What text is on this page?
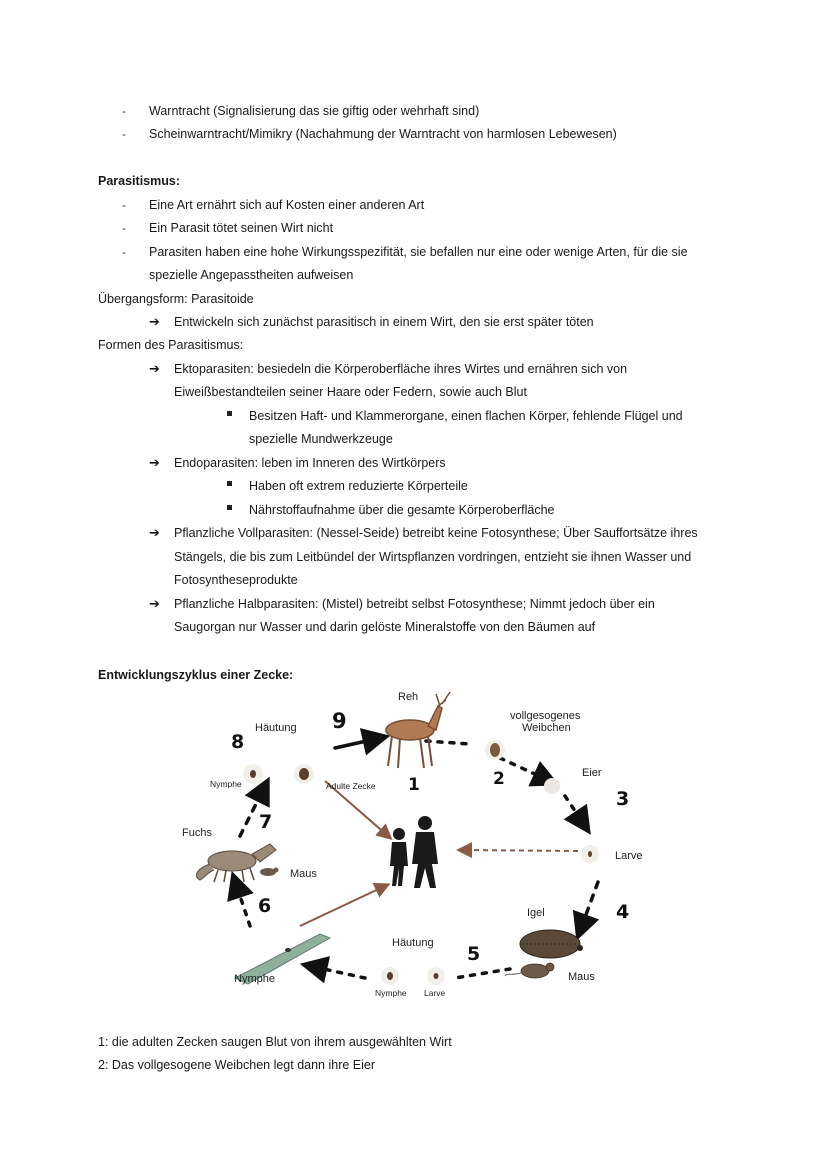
- Warntracht (Signalisierung das sie giftig oder wehrhaft sind)
- Scheinwarntracht/Mimikry (Nachahmung der Warntracht von harmlosen Lebewesen)
Parasitismus:
- Eine Art ernährt sich auf Kosten einer anderen Art
- Ein Parasit tötet seinen Wirt nicht
- Parasiten haben eine hohe Wirkungsspezifität, sie befallen nur eine oder wenige Arten, für die sie
spezielle Angepasstheiten aufweisen
Übergangsform: Parasitoide
➔ Entwickeln sich zunächst parasitisch in einem Wirt, den sie erst später töten
Formen des Parasitismus:
➔ Ektoparasiten: besiedeln die Körperoberfläche ihres Wirtes und ernähren sich von
Eiweißbestandteilen seiner Haare oder Federn, sowie auch Blut
Besitzen Haft- und Klammerorgane, einen flachen Körper, fehlende Flügel und
spezielle Mundwerkzeuge
➔ Endoparasiten: leben im Inneren des Wirtkörpers
Haben oft extrem reduzierte Körperteile
Nährstoffaufnahme über die gesamte Körperoberfläche
➔ Pflanzliche Vollparasiten: (Nessel-Seide) betreibt keine Fotosynthese; Über Sauffortsätze ihres
Stängels, die bis zum Leitbündel der Wirtspflanzen vordringen, entzieht sie ihnen Wasser und
Fotosyntheseprodukte
➔ Pflanzliche Halbparasiten: (Mistel) betreibt selbst Fotosynthese; Nimmt jedoch über ein
Saugorgan nur Wasser und darin gelöste Mineralstoffe von den Bäumen auf
Entwicklungszyklus einer Zecke:
Reh
vollgesogenes
Weibchen
Eier
Larve
Igel
Maus
Häutung
Nymphe Larve
Nymphe
Maus
Fuchs
Nymphe	Adulte Zecke
Häutung
1	2
3
4
5
6
7
8
9
1: die adulten Zecken saugen Blut von ihrem ausgewählten Wirt
2: Das vollgesogene Weibchen legt dann ihre Eier
